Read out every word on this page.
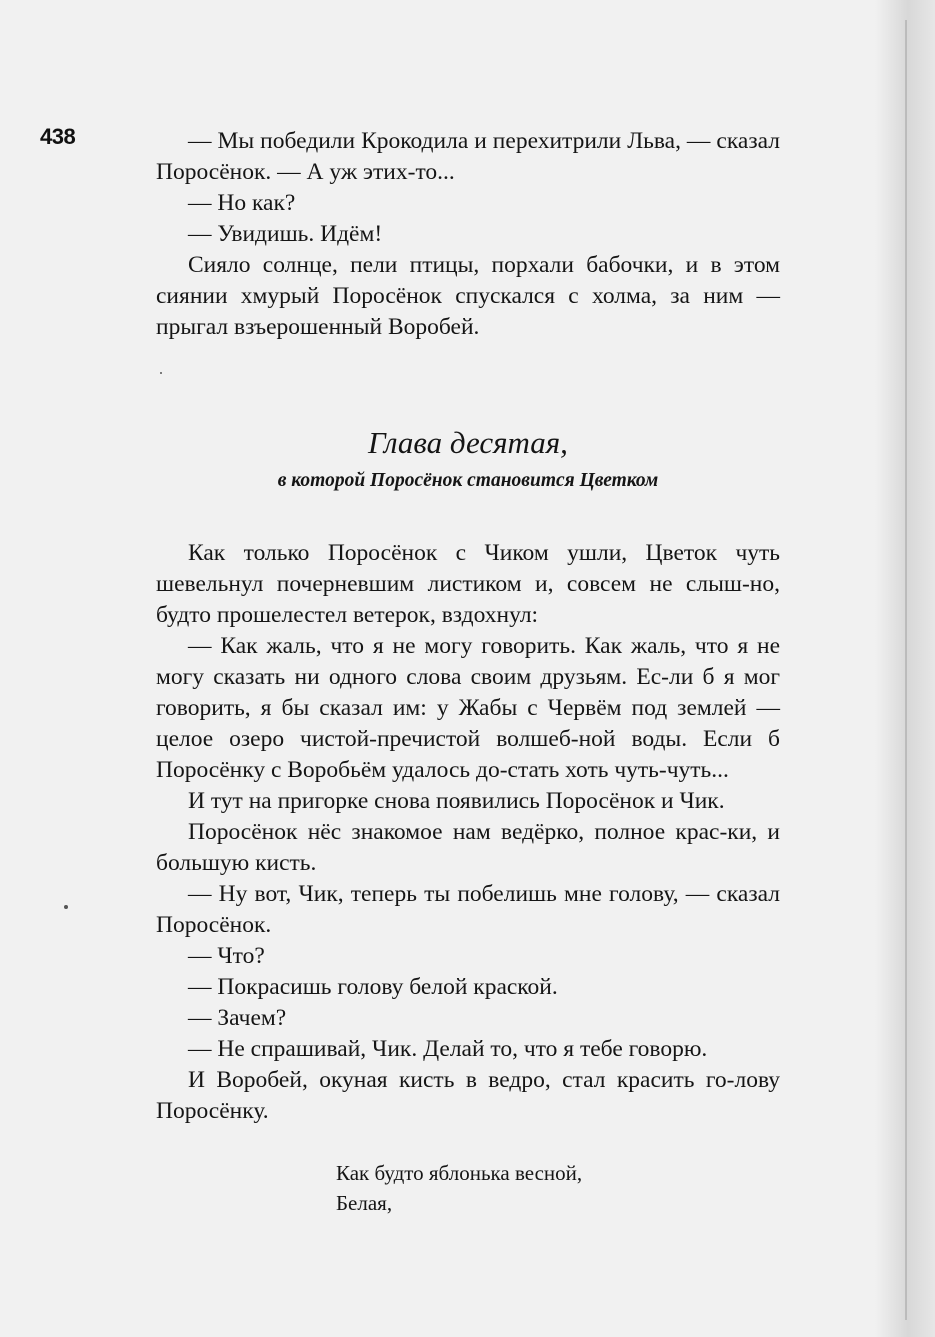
438	— Мы победили Крокодила и перехитрили Льва, — сказал Поросёнок. — А уж этих-то...

— Но как?

— Увидишь. Идём!

Сияло солнце, пели птицы, порхали бабочки, и в этом сиянии хмурый Поросёнок спускался с холма, за ним — прыгал взъерошенный Воробей.

Глава десятая,
в которой Поросёнок становится Цветком

Как только Поросёнок с Чиком ушли, Цветок чуть шевельнул почерневшим листиком и, совсем не слыш-но, будто прошелестел ветерок, вздохнул:

— Как жаль, что я не могу говорить. Как жаль, что я не могу сказать ни одного слова своим друзьям. Ес-ли б я мог говорить, я бы сказал им: у Жабы с Червём под землей — целое озеро чистой-пречистой волшеб-ной воды. Если б Поросёнку с Воробьём удалось до-стать хоть чуть-чуть...

И тут на пригорке снова появились Поросёнок и Чик.

Поросёнок нёс знакомое нам ведёрко, полное крас-ки, и большую кисть.

— Ну вот, Чик, теперь ты побелишь мне голову, — сказал Поросёнок.

— Что?

— Покрасишь голову белой краской.

— Зачем?

— Не спрашивай, Чик. Делай то, что я тебе говорю.

И Воробей, окуная кисть в ведро, стал красить го-лову Поросёнку.

Как будто яблонька весной,
Белая,
